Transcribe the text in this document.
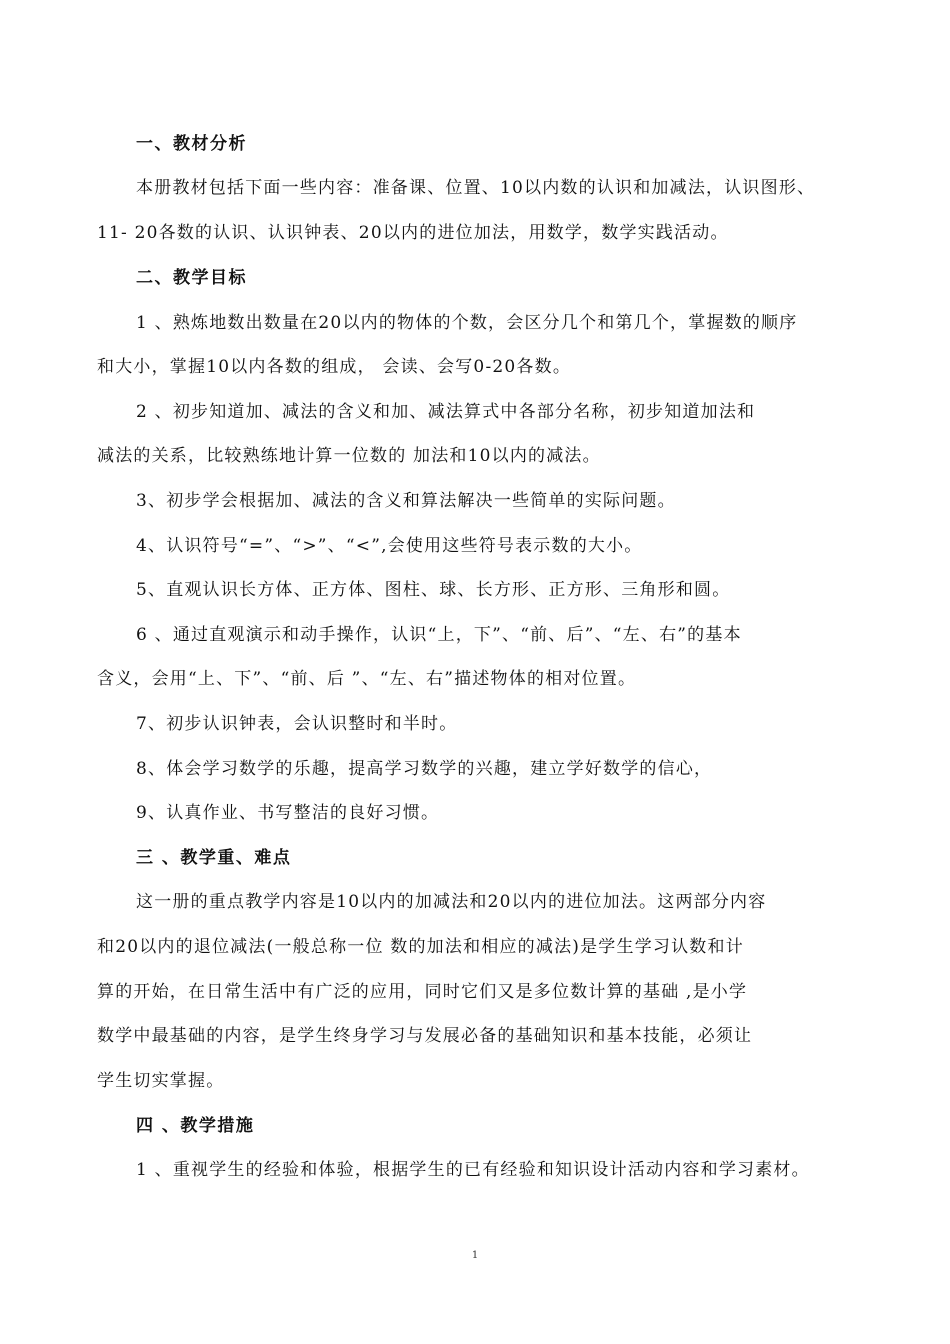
一、教材分析
本册教材包括下面一些内容：准备课、位置、10以内数的认识和加减法，认识图形、
11- 20各数的认识、认识钟表、20以内的进位加法，用数学，数学实践活动。
二、教学目标
1 、熟炼地数出数量在20以内的物体的个数，会区分几个和第几个，掌握数的顺序
和大小，掌握10以内各数的组成， 会读、会写0-20各数。
2 、初步知道加、减法的含义和加、减法算式中各部分名称，初步知道加法和
减法的关系，比较熟练地计算一位数的 加法和10以内的减法。
3、初步学会根据加、减法的含义和算法解决一些简单的实际问题。
4、认识符号“=”、“>”、“<”,会使用这些符号表示数的大小。
5、直观认识长方体、正方体、图柱、球、长方形、正方形、三角形和圆。
6 、通过直观演示和动手操作，认识“上，下”、“前、后”、“左、右”的基本
含义，会用“上、下”、“前、后 ”、“左、右”描述物体的相对位置。
7、初步认识钟表，会认识整时和半时。
8、体会学习数学的乐趣，提高学习数学的兴趣，建立学好数学的信心，
9、认真作业、书写整洁的良好习惯。
三 、教学重、难点
这一册的重点教学内容是10以内的加减法和20以内的进位加法。这两部分内容
和20以内的退位减法(一般总称一位 数的加法和相应的减法)是学生学习认数和计
算的开始，在日常生活中有广泛的应用，同时它们又是多位数计算的基础 ,是小学
数学中最基础的内容，是学生终身学习与发展必备的基础知识和基本技能，必须让
学生切实掌握。
四 、教学措施
1 、重视学生的经验和体验，根据学生的已有经验和知识设计活动内容和学习素材。
1
